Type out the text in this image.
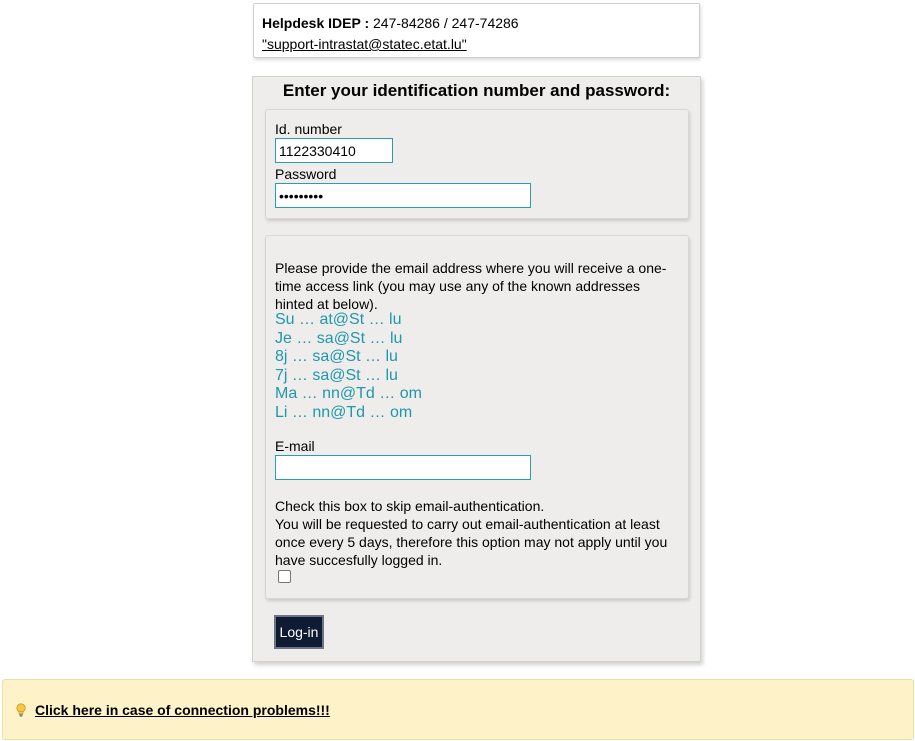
Helpdesk IDEP : 247-84286 / 247-74286
"support-intrastat@statec.etat.lu"
Enter your identification number and password:
Id. number
1122330410
Password
Please provide the email address where you will receive a one-time access link (you may use any of the known addresses hinted at below).
Su … at@St … lu
Je … sa@St … lu
8j … sa@St … lu
7j … sa@St … lu
Ma … nn@Td … om
Li … nn@Td … om
E-mail
Check this box to skip email-authentication.
You will be requested to carry out email-authentication at least once every 5 days, therefore this option may not apply until you have succesfully logged in.
Log-in
Click here in case of connection problems!!!
